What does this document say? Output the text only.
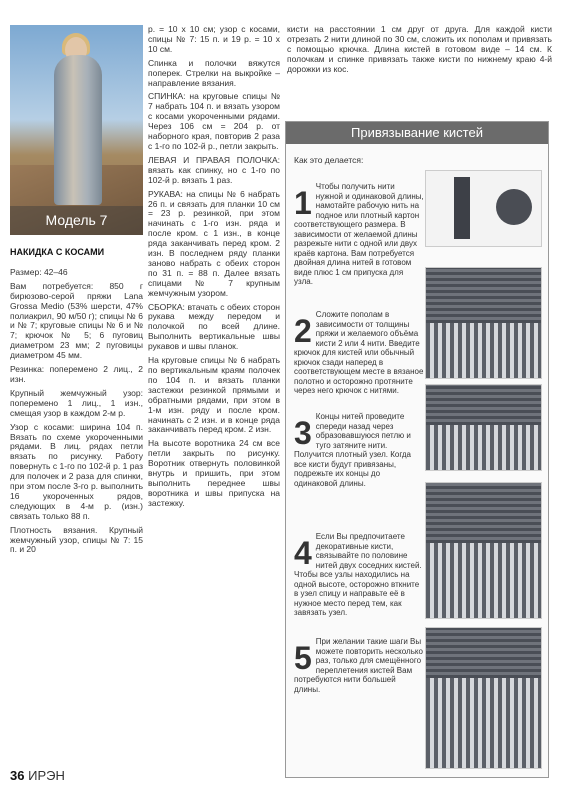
Модель 7
НАКИДКА С КОСАМИ

Размер: 42–46

Вам потребуется: 850 г бирюзово-серой пряжи Lana Grossa Medio (53% шерсти, 47% полиакрил, 90 м/50 г); спицы № 6 и № 7; круговые спицы № 6 и № 7; крючок № 5; 6 пуговиц диаметром 23 мм; 2 пуговицы диаметром 45 мм.

Резинка: поперемено 2 лиц., 2 изн.

Крупный жемчужный узор: поперемено 1 лиц., 1 изн., смещая узор в каждом 2-м р.

Узор с косами: ширина 104 п. Вязать по схеме укороченными рядами. В лиц. рядах петли вязать по рисунку. Работу повернуть с 1-го по 102-й р. 1 раз для полочек и 2 раза для спинки, при этом после 3-го р. выполнить 16 укороченных рядов, следующих в 4-м р. (изн.) связать только 88 п.

Плотность вязания. Крупный жемчужный узор, спицы № 7: 15 п. и 20

р. = 10 x 10 см; узор с косами, спицы № 7: 15 п. и 19 р. = 10 x 10 см.

Спинка и полочки вяжутся поперек. Стрелки на выкройке – направление вязания.

СПИНКА: на круговые спицы № 7 набрать 104 п. и вязать узором с косами укороченными рядами. Через 106 см = 204 р. от наборного края, повторив 2 раза с 1-го по 102-й р., петли закрыть.

ЛЕВАЯ И ПРАВАЯ ПОЛОЧКА: вязать как спинку, но с 1-го по 102-й р. вязать 1 раз.

РУКАВА: на спицы № 6 набрать 26 п. и связать для планки 10 см = 23 р. резинкой, при этом начинать с 1-го изн. ряда и после кром. с 1 изн., в конце ряда заканчивать перед кром. 2 изн. В последнем ряду планки заново набрать с обеих сторон по 31 п. = 88 п. Далее вязать спицами № 7 крупным жемчужным узором.

СБОРКА: втачать с обеих сторон рукава между передом и полочкой по всей длине. Выполнить вертикальные швы рукавов и швы планок.

На круговые спицы № 6 набрать по вертикальным краям полочек по 104 п. и вязать планки застежки резинкой прямыми и обратными рядами, при этом в 1-м изн. ряду и после кром. начинать с 2 изн. и в конце ряда заканчивать перед кром. 2 изн.

На высоте воротника 24 см все петли закрыть по рисунку. Воротник отвернуть половинкой внутрь и пришить, при этом выполнить переднее швы воротника и швы припуска на застежку.

кисти на расстоянии 1 см друг от друга. Для каждой кисти отрезать 2 нити длиной по 30 см, сложить их пополам и привязать с помощью крючка. Длина кистей в готовом виде – 14 см. К полочкам и спинке привязать также кисти по нижнему краю 4-й дорожки из кос.

Привязывание кистей
Как это делается:
1 Чтобы получить нити нужной и одинаковой длины, намотайте рабочую нить на подное или плотный картон соответствующего размера. В зависимости от желаемой длины разрежьте нити с одной или двух краёв картона. Вам потребуется двойная длина нитей в готовом виде плюс 1 см припуска для узла.
2 Сложите пополам в зависимости от толщины пряжи и желаемого объёма кисти 2 или 4 нити. Введите крючок для кистей или обычный крючок сзади наперед в соответствующем месте в вязаное полотно и осторожно протяните через него крючок с нитями.
3 Концы нитей проведите спереди назад через образовавшуюся петлю и туго затяните нити. Получится плотный узел. Когда все кисти будут привязаны, подрежьте их концы до одинаковой длины.
4 Если Вы предпочитаете декоративные кисти, связывайте по половине нитей двух соседних кистей. Чтобы все узлы находились на одной высоте, осторожно вткните в узел спицу и направьте её в нужное место перед тем, как завязать узел.
5 При желании такие шаги Вы можете повторить несколько раз, только для смещённого переплетения кистей Вам потребуются нити большей длины.
36 ИРЭН
